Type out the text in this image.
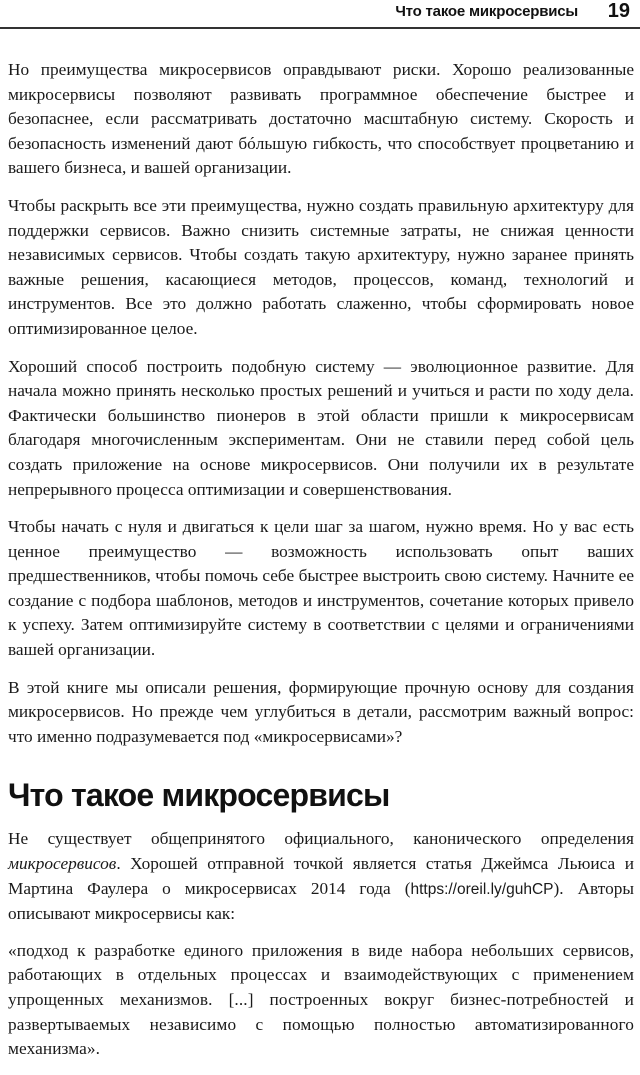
Что такое микросервисы 19

Но преимущества микросервисов оправдывают риски. Хорошо реализованные микросервисы позволяют развивать программное обеспечение быстрее и безопаснее, если рассматривать достаточно масштабную систему. Скорость и безопасность изменений дают бóльшую гибкость, что способствует процветанию и вашего бизнеса, и вашей организации.

Чтобы раскрыть все эти преимущества, нужно создать правильную архитектуру для поддержки сервисов. Важно снизить системные затраты, не снижая ценности независимых сервисов. Чтобы создать такую архитектуру, нужно заранее принять важные решения, касающиеся методов, процессов, команд, технологий и инструментов. Все это должно работать слаженно, чтобы сформировать новое оптимизированное целое.

Хороший способ построить подобную систему — эволюционное развитие. Для начала можно принять несколько простых решений и учиться и расти по ходу дела. Фактически большинство пионеров в этой области пришли к микросервисам благодаря многочисленным экспериментам. Они не ставили перед собой цель создать приложение на основе микросервисов. Они получили их в результате непрерывного процесса оптимизации и совершенствования.

Чтобы начать с нуля и двигаться к цели шаг за шагом, нужно время. Но у вас есть ценное преимущество — возможность использовать опыт ваших предшественников, чтобы помочь себе быстрее выстроить свою систему. Начните ее создание с подбора шаблонов, методов и инструментов, сочетание которых привело к успеху. Затем оптимизируйте систему в соответствии с целями и ограничениями вашей организации.

В этой книге мы описали решения, формирующие прочную основу для создания микросервисов. Но прежде чем углубиться в детали, рассмотрим важный вопрос: что именно подразумевается под «микросервисами»?

Что такое микросервисы

Не существует общепринятого официального, канонического определения микросервисов. Хорошей отправной точкой является статья Джеймса Льюиса и Мартина Фаулера о микросервисах 2014 года (https://oreil.ly/guhCP). Авторы описывают микросервисы как:

«подход к разработке единого приложения в виде набора небольших сервисов, работающих в отдельных процессах и взаимодействующих с применением упрощенных механизмов. [...] построенных вокруг бизнес-потребностей и развертываемых независимо с помощью полностью автоматизированного механизма».
